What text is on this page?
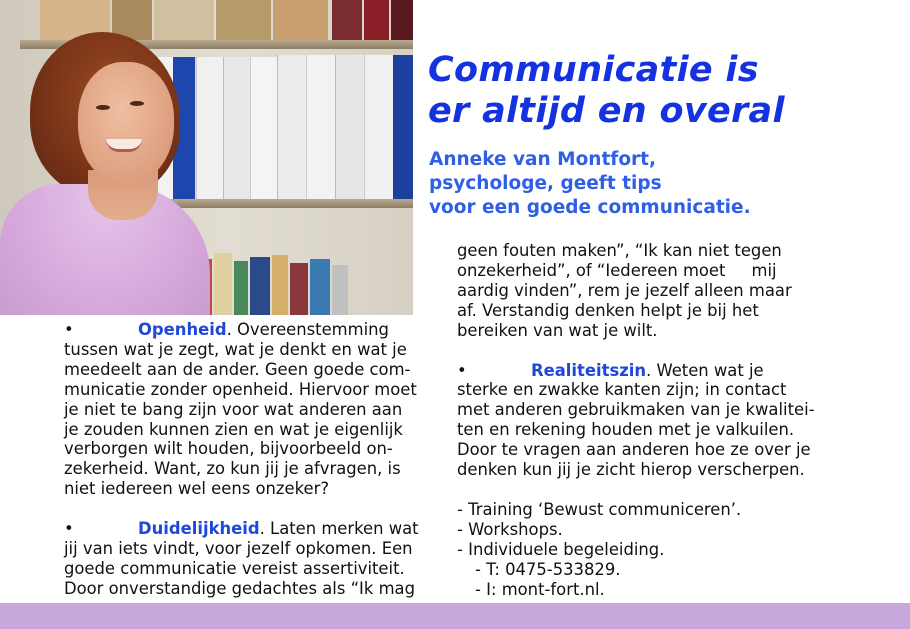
Communicatie is
er altijd en overal
Anneke van Montfort,
psychologe, geeft tips
voor een goede communicatie.

•	Openheid. Overeenstemming
tussen wat je zegt, wat je denkt en wat je
meedeelt aan de ander. Geen goede com-
municatie zonder openheid. Hiervoor moet
je niet te bang zijn voor wat anderen aan
je zouden kunnen zien en wat je eigenlijk
verborgen wilt houden, bijvoorbeeld on-
zekerheid. Want, zo kun jij je afvragen, is
niet iedereen wel eens onzeker?

•	Duidelijkheid. Laten merken wat
jij van iets vindt, voor jezelf opkomen. Een
goede communicatie vereist assertiviteit.
Door onverstandige gedachtes als “Ik mag

geen fouten maken”, “Ik kan niet tegen
onzekerheid”, of “Iedereen moet     mij
aardig vinden”, rem je jezelf alleen maar
af. Verstandig denken helpt je bij het
bereiken van wat je wilt.

•	Realiteitszin. Weten wat je
sterke en zwakke kanten zijn; in contact
met anderen gebruikmaken van je kwalitei-
ten en rekening houden met je valkuilen.
Door te vragen aan anderen hoe ze over je
denken kun jij je zicht hierop verscherpen.

- Training ‘Bewust communiceren’.

- Workshops.

- Individuele begeleiding.

- T: 0475-533829.

- I: mont-fort.nl.
